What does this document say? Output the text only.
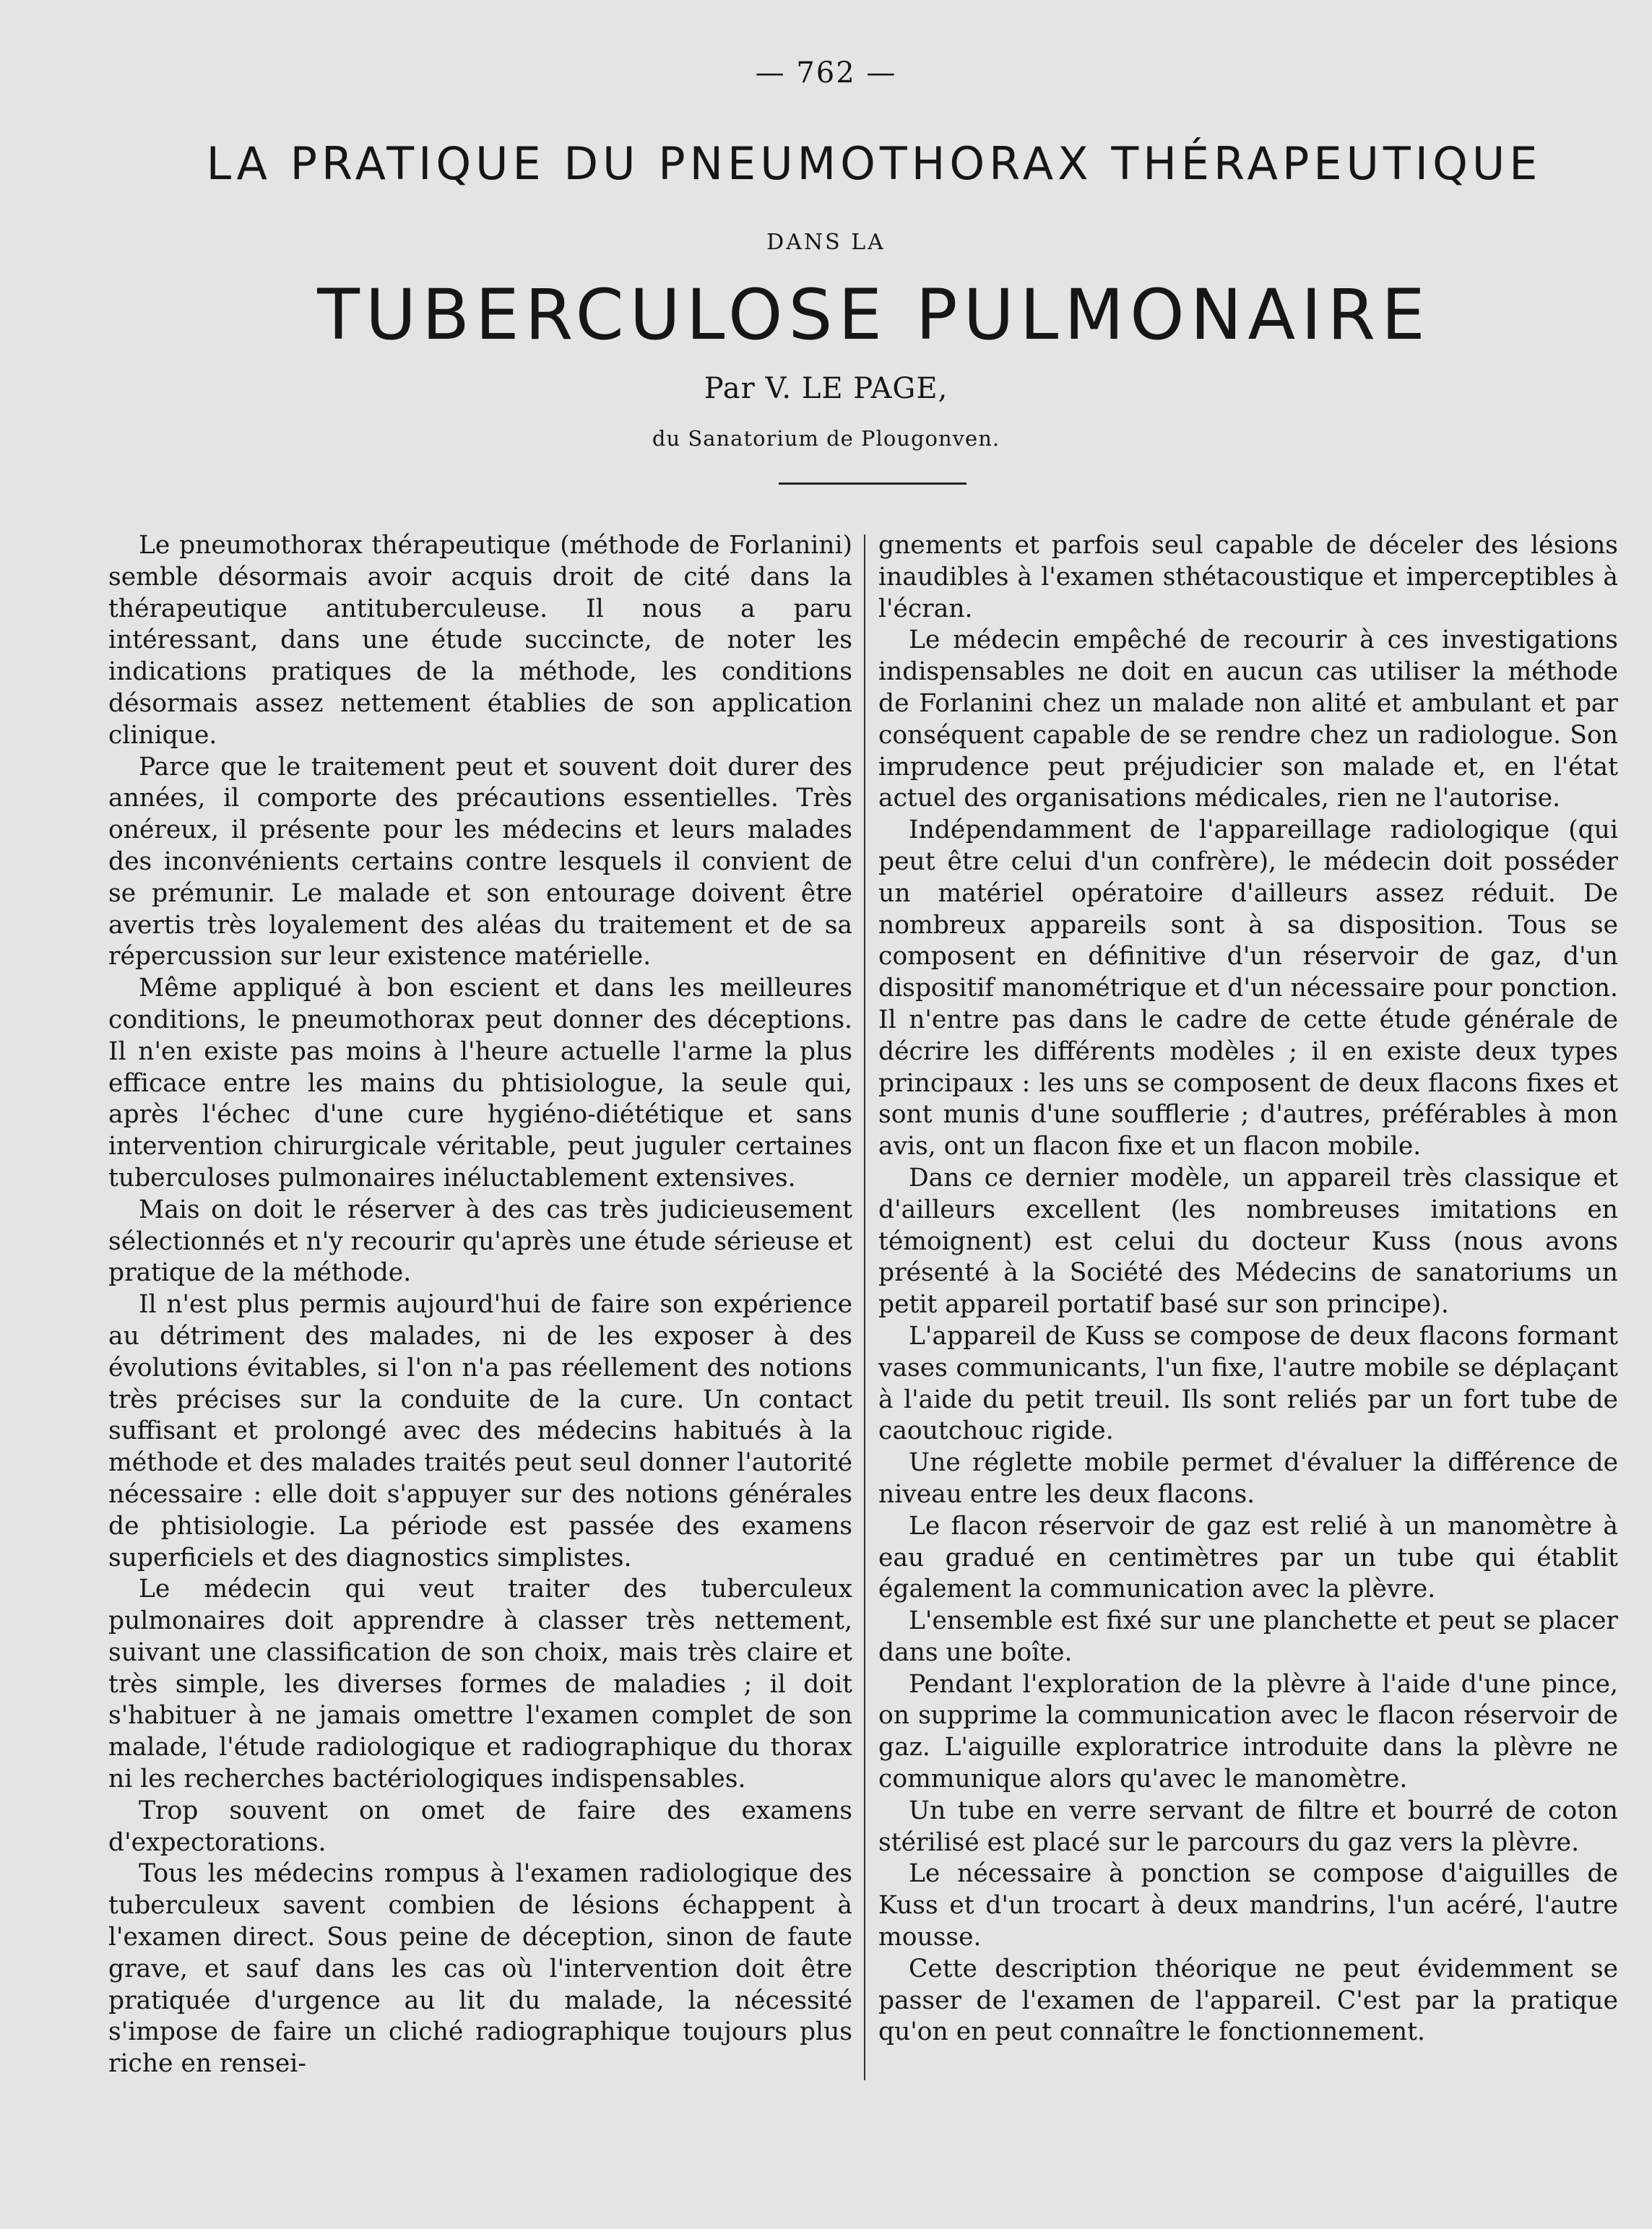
— 762 —
LA PRATIQUE DU PNEUMOTHORAX THÉRAPEUTIQUE
DANS LA
TUBERCULOSE PULMONAIRE
Par V. LE PAGE,
du Sanatorium de Plougonven.

Le pneumothorax thérapeutique (méthode de Forlanini) semble désormais avoir acquis droit de cité dans la thérapeutique antituberculeuse. Il nous a paru intéressant, dans une étude succincte, de noter les indications pratiques de la méthode, les conditions désormais assez nettement établies de son application clinique.

Parce que le traitement peut et souvent doit durer des années, il comporte des précautions essentielles. Très onéreux, il présente pour les médecins et leurs malades des inconvénients certains contre lesquels il convient de se prémunir. Le malade et son entourage doivent être avertis très loyalement des aléas du traitement et de sa répercussion sur leur existence matérielle.

Même appliqué à bon escient et dans les meilleures conditions, le pneumothorax peut donner des déceptions. Il n'en existe pas moins à l'heure actuelle l'arme la plus efficace entre les mains du phtisiologue, la seule qui, après l'échec d'une cure hygiéno-diététique et sans intervention chirurgicale véritable, peut juguler certaines tuberculoses pulmonaires inéluctablement extensives.

Mais on doit le réserver à des cas très judicieusement sélectionnés et n'y recourir qu'après une étude sérieuse et pratique de la méthode.

Il n'est plus permis aujourd'hui de faire son expérience au détriment des malades, ni de les exposer à des évolutions évitables, si l'on n'a pas réellement des notions très précises sur la conduite de la cure. Un contact suffisant et prolongé avec des médecins habitués à la méthode et des malades traités peut seul donner l'autorité nécessaire : elle doit s'appuyer sur des notions générales de phtisiologie. La période est passée des examens superficiels et des diagnostics simplistes.

Le médecin qui veut traiter des tuberculeux pulmonaires doit apprendre à classer très nettement, suivant une classification de son choix, mais très claire et très simple, les diverses formes de maladies ; il doit s'habituer à ne jamais omettre l'examen complet de son malade, l'étude radiologique et radiographique du thorax ni les recherches bactériologiques indispensables.

Trop souvent on omet de faire des examens d'expectorations.

Tous les médecins rompus à l'examen radiologique des tuberculeux savent combien de lésions échappent à l'examen direct. Sous peine de déception, sinon de faute grave, et sauf dans les cas où l'intervention doit être pratiquée d'urgence au lit du malade, la nécessité s'impose de faire un cliché radiographique toujours plus riche en rensei-

gnements et parfois seul capable de déceler des lésions inaudibles à l'examen sthétacoustique et imperceptibles à l'écran.

Le médecin empêché de recourir à ces investigations indispensables ne doit en aucun cas utiliser la méthode de Forlanini chez un malade non alité et ambulant et par conséquent capable de se rendre chez un radiologue. Son imprudence peut préjudicier son malade et, en l'état actuel des organisations médicales, rien ne l'autorise.

Indépendamment de l'appareillage radiologique (qui peut être celui d'un confrère), le médecin doit posséder un matériel opératoire d'ailleurs assez réduit. De nombreux appareils sont à sa disposition. Tous se composent en définitive d'un réservoir de gaz, d'un dispositif manométrique et d'un nécessaire pour ponction. Il n'entre pas dans le cadre de cette étude générale de décrire les différents modèles ; il en existe deux types principaux : les uns se composent de deux flacons fixes et sont munis d'une soufflerie ; d'autres, préférables à mon avis, ont un flacon fixe et un flacon mobile.

Dans ce dernier modèle, un appareil très classique et d'ailleurs excellent (les nombreuses imitations en témoignent) est celui du docteur Kuss (nous avons présenté à la Société des Médecins de sanatoriums un petit appareil portatif basé sur son principe).

L'appareil de Kuss se compose de deux flacons formant vases communicants, l'un fixe, l'autre mobile se déplaçant à l'aide du petit treuil. Ils sont reliés par un fort tube de caoutchouc rigide.

Une réglette mobile permet d'évaluer la différence de niveau entre les deux flacons.

Le flacon réservoir de gaz est relié à un manomètre à eau gradué en centimètres par un tube qui établit également la communication avec la plèvre.

L'ensemble est fixé sur une planchette et peut se placer dans une boîte.

Pendant l'exploration de la plèvre à l'aide d'une pince, on supprime la communication avec le flacon réservoir de gaz. L'aiguille exploratrice introduite dans la plèvre ne communique alors qu'avec le manomètre.

Un tube en verre servant de filtre et bourré de coton stérilisé est placé sur le parcours du gaz vers la plèvre.

Le nécessaire à ponction se compose d'aiguilles de Kuss et d'un trocart à deux mandrins, l'un acéré, l'autre mousse.

Cette description théorique ne peut évidemment se passer de l'examen de l'appareil. C'est par la pratique qu'on en peut connaître le fonctionnement.
